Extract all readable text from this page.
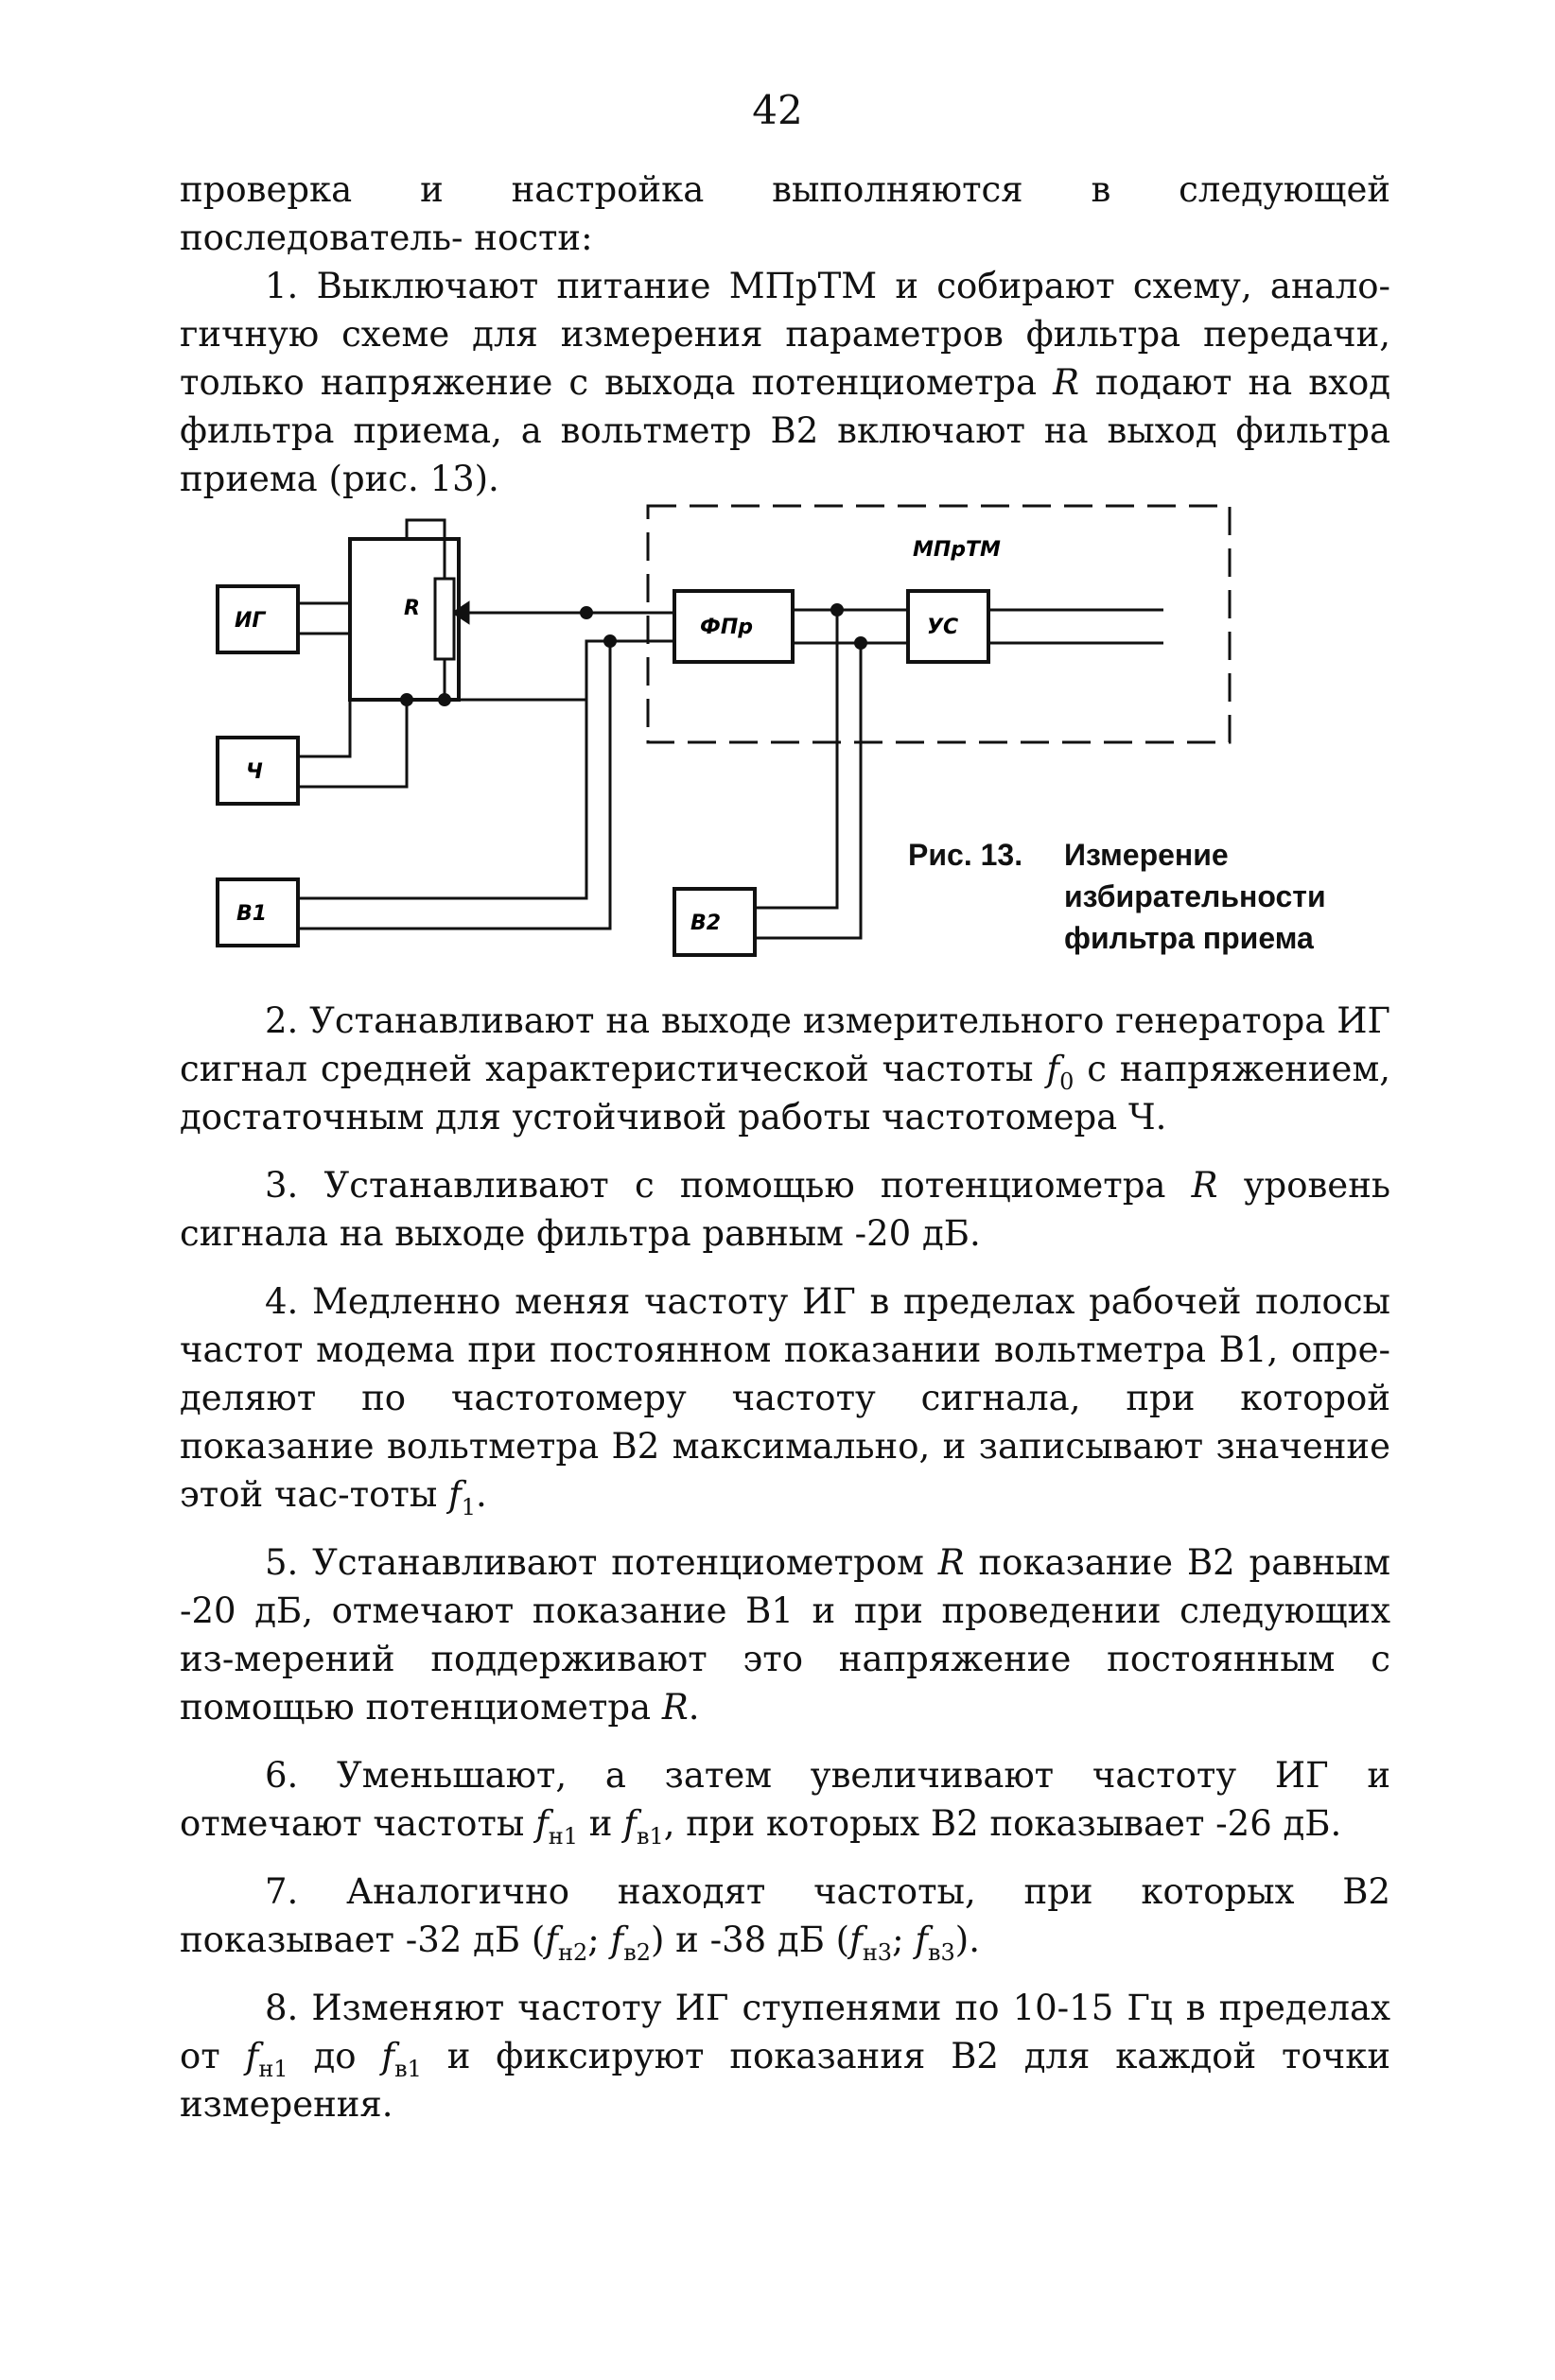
42

проверка и настройка выполняются в следующей последователь- ности:

1. Выключают питание МПрТМ и собирают схему, анало-гичную схеме для измерения параметров фильтра передачи, только напряжение с выхода потенциометра R подают на вход фильтра приема, а вольтметр В2 включают на выход фильтра приема (рис. 13).

ИГ
Ч
В1	В2
R
ФПр	УС
МПрТМ
Рис. 13. Измерение избирательности фильтра приема

2. Устанавливают на выходе измерительного генератора ИГ сигнал средней характеристической частоты $f_0$ с напряжением, достаточным для устойчивой работы частотомера Ч.

3. Устанавливают с помощью потенциометра R уровень сигнала на выходе фильтра равным -20 дБ.

4. Медленно меняя частоту ИГ в пределах рабочей полосы частот модема при постоянном показании вольтметра В1, опре-деляют по частотомеру частоту сигнала, при которой показание вольтметра В2 максимально, и записывают значение этой час-тоты $f_1$.

5. Устанавливают потенциометром R показание В2 равным -20 дБ, отмечают показание В1 и при проведении следующих из-мерений поддерживают это напряжение постоянным с помощью потенциометра R.

6. Уменьшают, а затем увеличивают частоту ИГ и отмечают частоты $f_{н1}$ и $f_{в1}$, при которых В2 показывает -26 дБ.

7. Аналогично находят частоты, при которых В2 показывает -32 дБ ($f_{н2}$; $f_{в2}$) и -38 дБ ($f_{н3}$; $f_{в3}$).

8. Изменяют частоту ИГ ступенями по 10-15 Гц в пределах от $f_{н1}$ до $f_{в1}$ и фиксируют показания В2 для каждой точки измерения.
